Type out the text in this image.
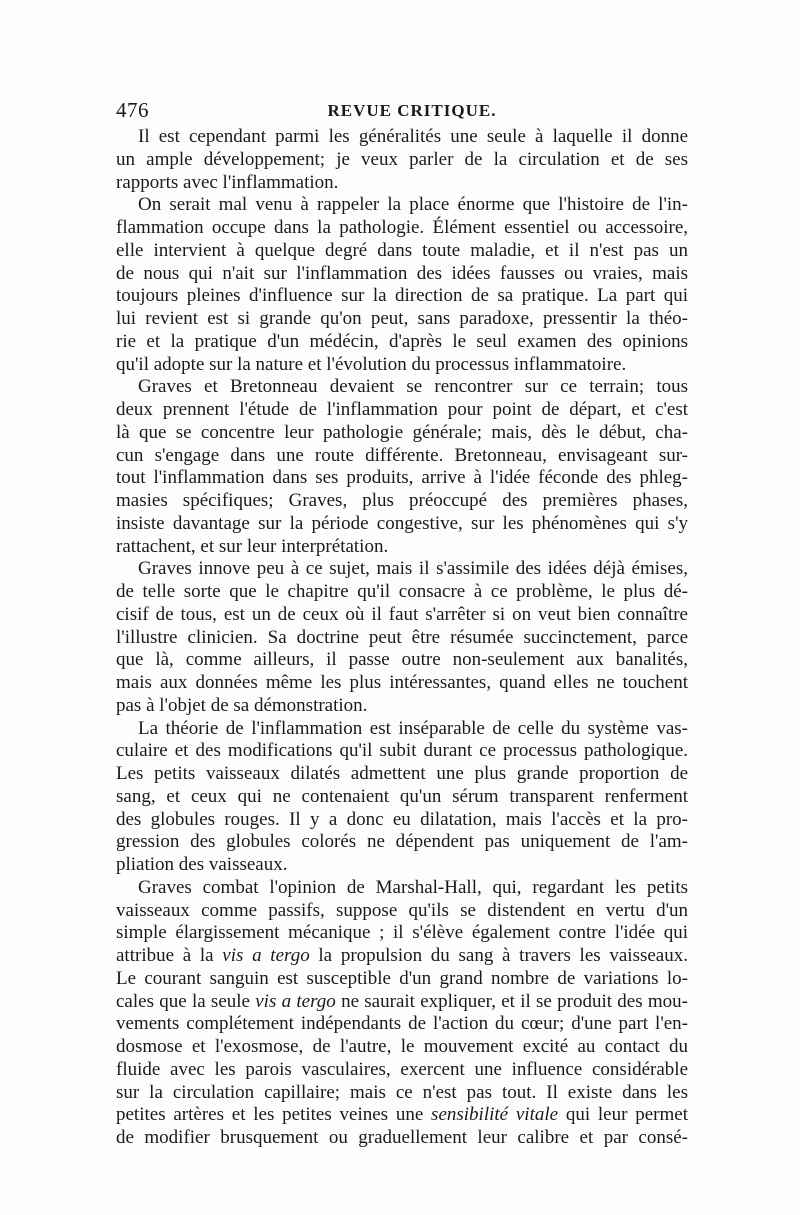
476	REVUE CRITIQUE.
Il est cependant parmi les généralités une seule à laquelle il donne
un ample développement; je veux parler de la circulation et de ses
rapports avec l'inflammation.
On serait mal venu à rappeler la place énorme que l'histoire de l'in-
flammation occupe dans la pathologie. Élément essentiel ou accessoire,
elle intervient à quelque degré dans toute maladie, et il n'est pas un
de nous qui n'ait sur l'inflammation des idées fausses ou vraies, mais
toujours pleines d'influence sur la direction de sa pratique. La part qui
lui revient est si grande qu'on peut, sans paradoxe, pressentir la théo-
rie et la pratique d'un médécin, d'après le seul examen des opinions
qu'il adopte sur la nature et l'évolution du processus inflammatoire.
Graves et Bretonneau devaient se rencontrer sur ce terrain; tous
deux prennent l'étude de l'inflammation pour point de départ, et c'est
là que se concentre leur pathologie générale; mais, dès le début, cha-
cun s'engage dans une route différente. Bretonneau, envisageant sur-
tout l'inflammation dans ses produits, arrive à l'idée féconde des phleg-
masies spécifiques; Graves, plus préoccupé des premières phases,
insiste davantage sur la période congestive, sur les phénomènes qui s'y
rattachent, et sur leur interprétation.
Graves innove peu à ce sujet, mais il s'assimile des idées déjà émises,
de telle sorte que le chapitre qu'il consacre à ce problème, le plus dé-
cisif de tous, est un de ceux où il faut s'arrêter si on veut bien connaître
l'illustre clinicien. Sa doctrine peut être résumée succinctement, parce
que là, comme ailleurs, il passe outre non-seulement aux banalités,
mais aux données même les plus intéressantes, quand elles ne touchent
pas à l'objet de sa démonstration.
La théorie de l'inflammation est inséparable de celle du système vas-
culaire et des modifications qu'il subit durant ce processus pathologique.
Les petits vaisseaux dilatés admettent une plus grande proportion de
sang, et ceux qui ne contenaient qu'un sérum transparent renferment
des globules rouges. Il y a donc eu dilatation, mais l'accès et la pro-
gression des globules colorés ne dépendent pas uniquement de l'am-
pliation des vaisseaux.
Graves combat l'opinion de Marshal-Hall, qui, regardant les petits
vaisseaux comme passifs, suppose qu'ils se distendent en vertu d'un
simple élargissement mécanique ; il s'élève également contre l'idée qui
attribue à la vis a tergo la propulsion du sang à travers les vaisseaux.
Le courant sanguin est susceptible d'un grand nombre de variations lo-
cales que la seule vis a tergo ne saurait expliquer, et il se produit des mou-
vements complétement indépendants de l'action du cœur; d'une part l'en-
dosmose et l'exosmose, de l'autre, le mouvement excité au contact du
fluide avec les parois vasculaires, exercent une influence considérable
sur la circulation capillaire; mais ce n'est pas tout. Il existe dans les
petites artères et les petites veines une sensibilité vitale qui leur permet
de modifier brusquement ou graduellement leur calibre et par consé-
